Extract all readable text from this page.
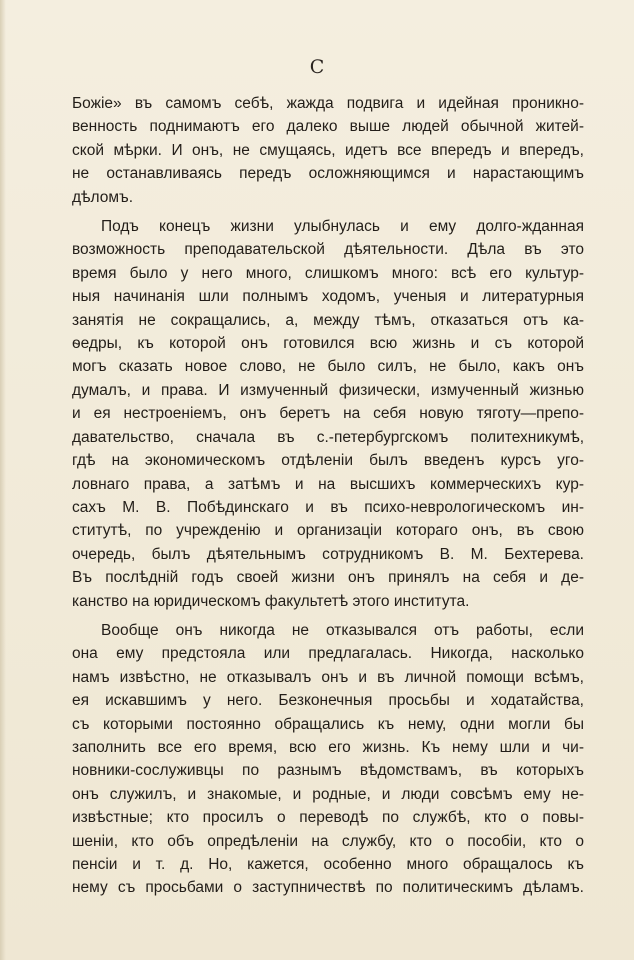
С
Божіе» въ самомъ себѣ, жажда подвига и идейная проникно-
венность поднимаютъ его далеко выше людей обычной житей-
ской мѣрки. И онъ, не смущаясь, идетъ все впередъ и впередъ,
не останавливаясь передъ осложняющимся и нарастающимъ
дѣломъ.
Подъ конецъ жизни улыбнулась и ему долго-жданная
возможность преподавательской дѣятельности. Дѣла въ это
время было у него много, слишкомъ много: всѣ его культур-
ныя начинанія шли полнымъ ходомъ, ученыя и литературныя
занятія не сокращались, а, между тѣмъ, отказаться отъ ка-
ѳедры, къ которой онъ готовился всю жизнь и съ которой
могъ сказать новое слово, не было силъ, не было, какъ онъ
думалъ, и права. И измученный физически, измученный жизнью
и ея нестроеніемъ, онъ беретъ на себя новую тяготу—препо-
давательство, сначала въ с.-петербургскомъ политехникумѣ,
гдѣ на экономическомъ отдѣленіи былъ введенъ курсъ уго-
ловнаго права, а затѣмъ и на высшихъ коммерческихъ кур-
сахъ М. В. Побѣдинскаго и въ психо-неврологическомъ ин-
ститутѣ, по учрежденію и организаціи котораго онъ, въ свою
очередь, былъ дѣятельнымъ сотрудникомъ В. М. Бехтерева.
Въ послѣдній годъ своей жизни онъ принялъ на себя и де-
канство на юридическомъ факультетѣ этого института.
Вообще онъ никогда не отказывался отъ работы, если
она ему предстояла или предлагалась. Никогда, насколько
намъ извѣстно, не отказывалъ онъ и въ личной помощи всѣмъ,
ея искавшимъ у него. Безконечныя просьбы и ходатайства,
съ которыми постоянно обращались къ нему, одни могли бы
заполнить все его время, всю его жизнь. Къ нему шли и чи-
новники-сослуживцы по разнымъ вѣдомствамъ, въ которыхъ
онъ служилъ, и знакомые, и родные, и люди совсѣмъ ему не-
извѣстные; кто просилъ о переводѣ по службѣ, кто о повы-
шеніи, кто объ опредѣленіи на службу, кто о пособіи, кто о
пенсіи и т. д. Но, кажется, особенно много обращалось къ
нему съ просьбами о заступничествѣ по политическимъ дѣламъ.
